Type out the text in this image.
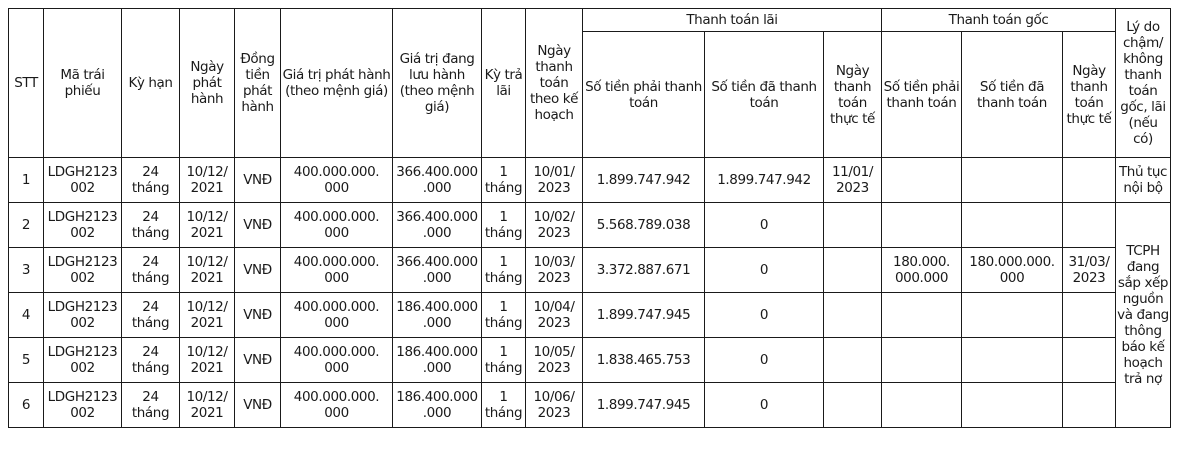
STT	Mã trái phiếu	Kỳ hạn	Ngày phát hành	Đồng tiền phát hành	Giá trị phát hành (theo mệnh giá)	Giá trị đang lưu hành (theo mệnh giá)	Kỳ trả lãi	Ngày thanh toán theo kế hoạch	Thanh toán lãi			Thanh toán gốc			Lý do chậm/ không thanh toán gốc, lãi (nếu có)
									Số tiền phải thanh toán	Số tiền đã thanh toán	Ngày thanh toán thực tế	Số tiền phải thanh toán	Số tiền đã thanh toán	Ngày thanh toán thực tế	
1	LDGH2123 002	24 tháng	10/12/ 2021	VNĐ	400.000.000. 000	366.400.000 .000	1 tháng	10/01/ 2023	1.899.747.942	1.899.747.942	11/01/ 2023				Thủ tục nội bộ
2	LDGH2123 002	24 tháng	10/12/ 2021	VNĐ	400.000.000. 000	366.400.000 .000	1 tháng	10/02/ 2023	5.568.789.038	0					TCPH đang sắp xếp nguồn và đang thông báo kế hoạch trả nợ
3	LDGH2123 002	24 tháng	10/12/ 2021	VNĐ	400.000.000. 000	366.400.000 .000	1 tháng	10/03/ 2023	3.372.887.671	0		180.000. 000.000	180.000.000. 000	31/03/ 2023	
4	LDGH2123 002	24 tháng	10/12/ 2021	VNĐ	400.000.000. 000	186.400.000 .000	1 tháng	10/04/ 2023	1.899.747.945	0					
5	LDGH2123 002	24 tháng	10/12/ 2021	VNĐ	400.000.000. 000	186.400.000 .000	1 tháng	10/05/ 2023	1.838.465.753	0					
6	LDGH2123 002	24 tháng	10/12/ 2021	VNĐ	400.000.000. 000	186.400.000 .000	1 tháng	10/06/ 2023	1.899.747.945	0					
